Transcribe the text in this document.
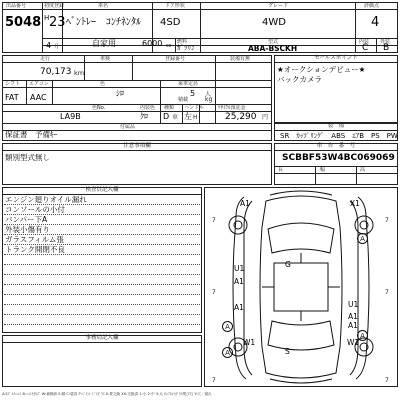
出品番号
5048
初度登録
H 23
4 月
車名
ﾍﾞﾝﾄﾚｰ　ｺﾝﾁﾈﾝﾀﾙ
ドア形状
4SD
グレード
4WD
評価点
4
自家用	6000 cc
燃料
ｶﾞｿﾘﾝ
型式
ABA-BSCKH
内装 外装
C B
走行
70,173 km
車検	登録番号	装備有無
シフト エアコン
FAT AAC
色
ｼﾛ
乗車定員
5 人
積載	kg
色No.
LA9B
内装色
ｸﾛ
種類
D 車
ハンドル
左 H
ﾘｻｲｸﾙ預託金
25,290 円
付属品
保証書　予備ｷｰ
セールスポイント
★オークションデビュー★
バックカメラ
装　備
SR　ｶｯﾌﾟﾘﾝｸﾞ　ABS　ｴｱB　PS　PW
注意事項欄
類別型式無し
車　台　番　号
SCBBF53W4BC069069
長	幅	高
検査員記入欄
エンジン廻りオイル漏れ
コンソールの小付
バンパー下A
外装小傷有り
ガラスフィルム張
トランク開閉不良
事務局記入欄
A1	X1
G
U1
A1
A1	U1
A1
A1
W1	W1
S
A
A
A
A
7	7
7	7
7	7
A:ｷｽﾞ U:ﾍｺﾐ B:ﾍｺﾐ付ｷｽﾞ W:補修跡 S:錆 C:腐食 P:ﾍﾟｲﾝﾄ ﾄﾞｱｶﾞﾗｽ X:要交換 XX:交換済 1:小 2:中 3:大 G:ﾌﾛﾝﾄｶﾞﾗｽ飛び石 Y:穴・割れ
